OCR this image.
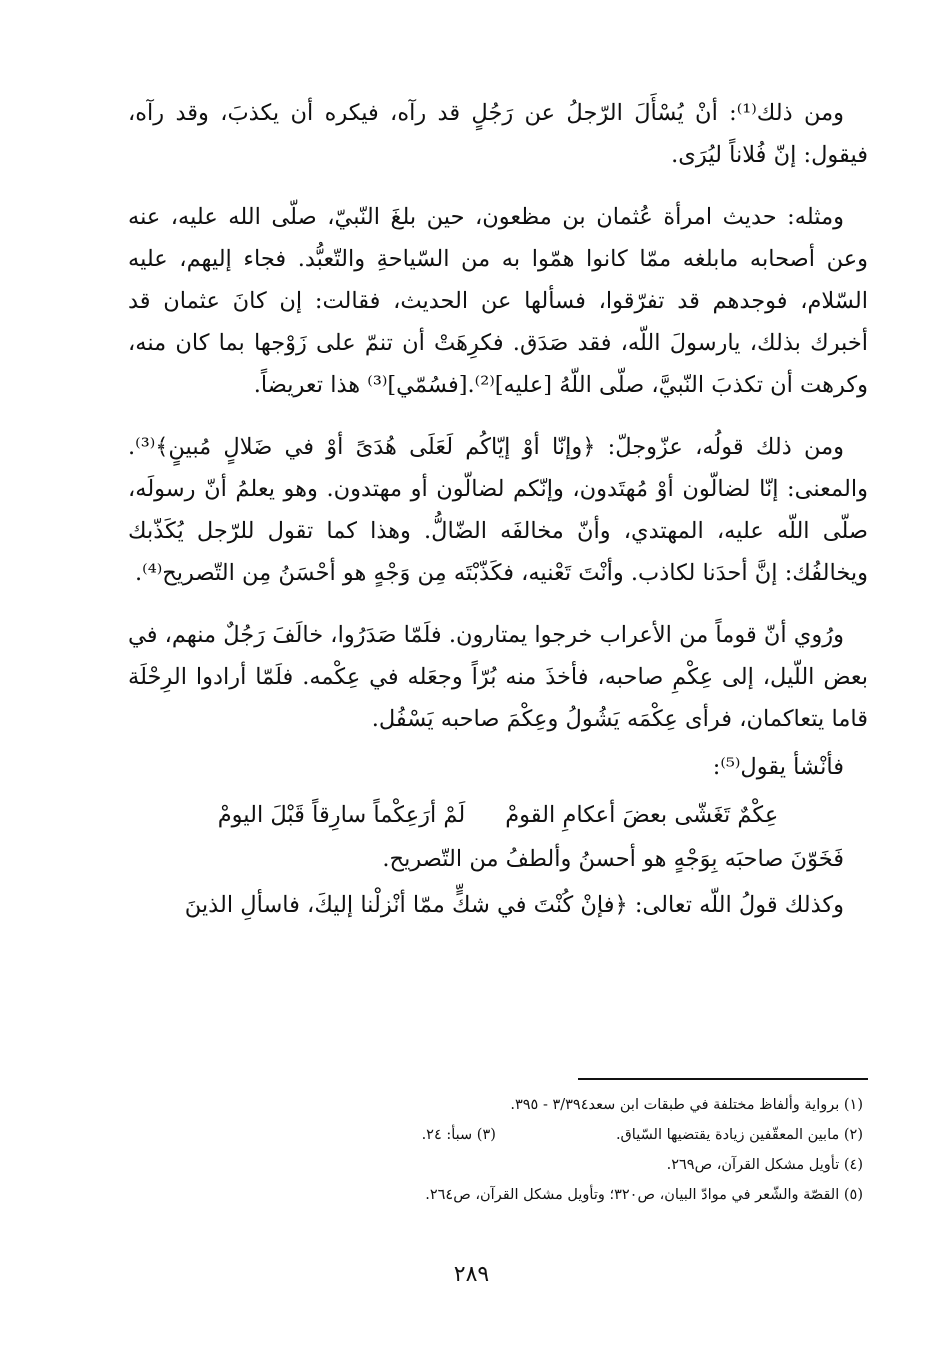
ومن ذلك⁽¹⁾: أنْ يُسْأَلَ الرّجلُ عن رَجُلٍ قد رآه، فيكره أن يكذبَ، وقد رآه، فيقول: إنّ فُلاناً ليُرَى.

ومثله: حديث امرأة عُثمان بن مظعون، حين بلغَ النّبيّ، صلّى الله عليه، عنه وعن أصحابه مابلغه ممّا كانوا همّوا به من السّياحةِ والتّعبُّد. فجاء إليهم، عليه السّلام، فوجدهم قد تفرّقوا، فسألها عن الحديث، فقالت: إن كانَ عثمان قد أخبرك بذلك، يارسولَ اللّه، فقد صَدَق. فكرِهَتْ أن تنمّ على زَوْجها بما كان منه، وكرهت أن تكذبَ النّبيَّ، صلّى اللّهُ [عليه]⁽²⁾.[فسُمّي]⁽³⁾ هذا تعريضاً.

ومن ذلك قولُه، عزّوجلّ: ﴿وإنّا أوْ إيّاكُم لَعَلَى هُدَىً أوْ في ضَلالٍ مُبينٍ﴾⁽³⁾. والمعنى: إنّا لضالّون أوْ مُهتَدون، وإنّكم لضالّون أو مهتدون. وهو يعلمُ أنّ رسولَه، صلّى اللّه عليه، المهتدي، وأنّ مخالفَه الضّالُّ. وهذا كما تقول للرّجل يُكَذّبك ويخالفُك: إنَّ أحدَنا لكاذب. وأنْتَ تَعْنيه، فكَذّبْتَه مِن وَجْهٍ هو أحْسَنُ مِن التّصريح⁽⁴⁾.

ورُوي أنّ قوماً من الأعراب خرجوا يمتارون. فلَمّا صَدَرُوا، خالَفَ رَجُلٌ منهم، في بعض اللّيل، إلى عِكْمِ صاحبه، فأخذَ منه بُرّاً وجعَله في عِكْمه. فلَمّا أرادوا الرِحْلَة قاما يتعاكمان، فرأى عِكْمَه يَشُولُ وعِكْمَ صاحبه يَسْفُل.

فأنْشأ يقول⁽⁵⁾:

عِكْمٌ تَغَشّى بعضَ أعكامِ القومْ
لَمْ أرَعِكْماً سارِقاً قَبْلَ اليومْ

فَخَوّنَ صاحبَه بِوَجْهٍ هو أحسنُ وألطفُ من التّصريح.

وكذلك قولُ اللّه تعالى: ﴿فإنْ كُنْتَ في شكٍّ ممّا أنْزلْنا إليكَ، فاسألِ الذينَ

(١) برواية وألفاظ مختلفة في طبقات ابن سعد٣/٣٩٤ - ٣٩٥.
(٢) مابين المعقّفين زيادة يقتضيها السّياق.
(٣) سبأ: ٢٤.
(٤) تأويل مشكل القرآن، ص٢٦٩.
(٥) القصّة والشّعر في موادّ البيان، ص٣٢٠؛ وتأويل مشكل القرآن، ص٢٦٤.
٢٨٩
